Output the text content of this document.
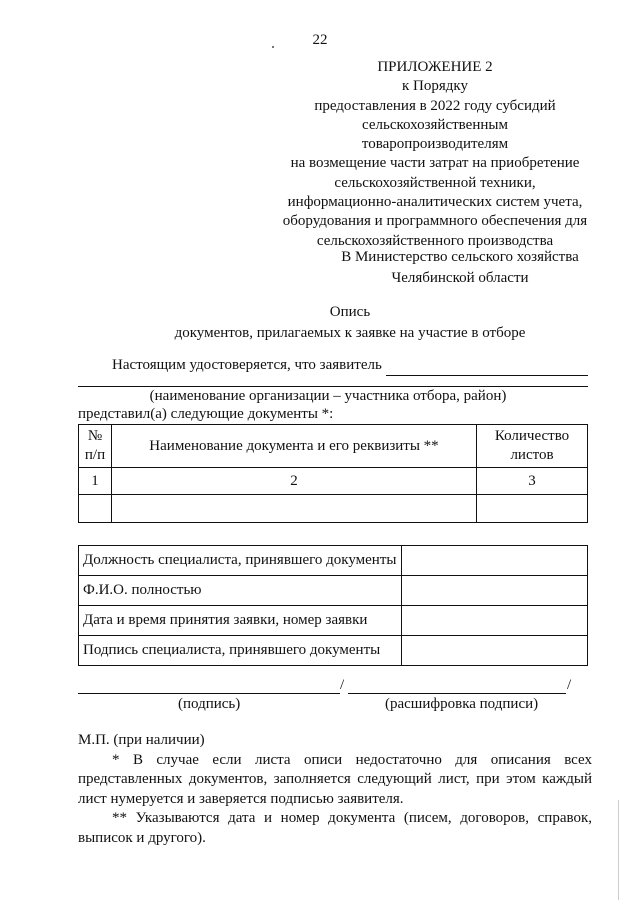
22
ПРИЛОЖЕНИЕ 2
к Порядку
предоставления в 2022 году субсидий
сельскохозяйственным
товаропроизводителям
на возмещение части затрат на приобретение
сельскохозяйственной техники,
информационно-аналитических систем учета,
оборудования и программного обеспечения для
сельскохозяйственного производства
В Министерство сельского хозяйства
Челябинской области
Опись
документов, прилагаемых к заявке на участие в отборе
Настоящим удостоверяется, что заявитель
(наименование организации – участника отбора, район)
представил(а) следующие документы *:
№ п/п	Наименование документа и его реквизиты **	Количество листов
1	2	3

Должность специалиста, принявшего документы	
Ф.И.О. полностью	
Дата и время принятия заявки, номер заявки	
Подпись специалиста, принявшего документы	
/	/
(подпись)	(расшифровка подписи)

М.П. (при наличии)

* В случае если листа описи недостаточно для описания всех представленных документов, заполняется следующий лист, при этом каждый лист нумеруется и заверяется подписью заявителя.

** Указываются дата и номер документа (писем, договоров, справок, выписок и другого).
